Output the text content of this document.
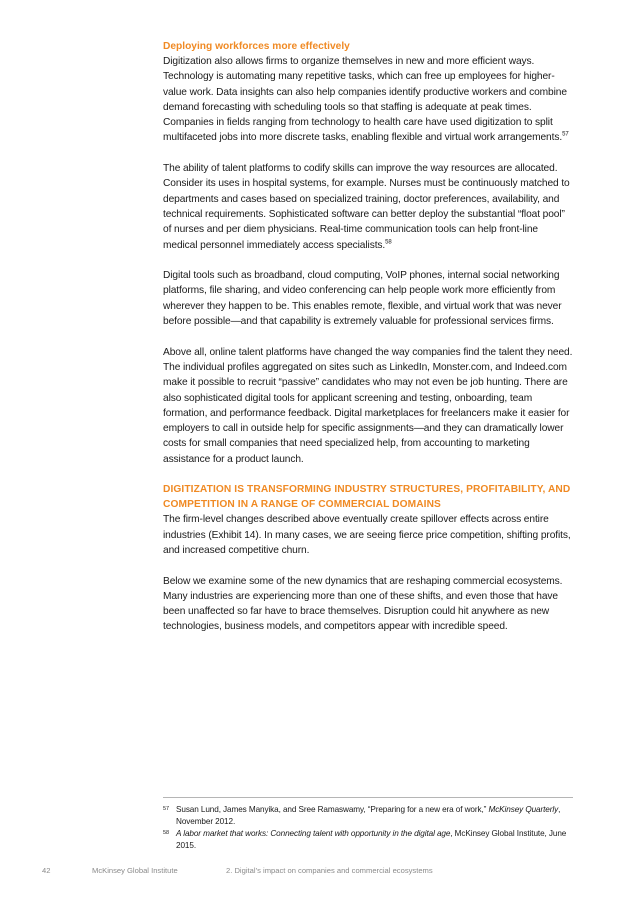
Deploying workforces more effectively

Digitization also allows firms to organize themselves in new and more efficient ways. Technology is automating many repetitive tasks, which can free up employees for higher-value work. Data insights can also help companies identify productive workers and combine demand forecasting with scheduling tools so that staffing is adequate at peak times. Companies in fields ranging from technology to health care have used digitization to split multifaceted jobs into more discrete tasks, enabling flexible and virtual work arrangements.$^{57}$

The ability of talent platforms to codify skills can improve the way resources are allocated. Consider its uses in hospital systems, for example. Nurses must be continuously matched to departments and cases based on specialized training, doctor preferences, availability, and technical requirements. Sophisticated software can better deploy the substantial “float pool” of nurses and per diem physicians. Real-time communication tools can help front-line medical personnel immediately access specialists.$^{58}$

Digital tools such as broadband, cloud computing, VoIP phones, internal social networking platforms, file sharing, and video conferencing can help people work more efficiently from wherever they happen to be. This enables remote, flexible, and virtual work that was never before possible—and that capability is extremely valuable for professional services firms.

Above all, online talent platforms have changed the way companies find the talent they need. The individual profiles aggregated on sites such as LinkedIn, Monster.com, and Indeed.com make it possible to recruit “passive” candidates who may not even be job hunting. There are also sophisticated digital tools for applicant screening and testing, onboarding, team formation, and performance feedback. Digital marketplaces for freelancers make it easier for employers to call in outside help for specific assignments—and they can dramatically lower costs for small companies that need specialized help, from accounting to marketing assistance for a product launch.

DIGITIZATION IS TRANSFORMING INDUSTRY STRUCTURES, PROFITABILITY, AND COMPETITION IN A RANGE OF COMMERCIAL DOMAINS

The firm-level changes described above eventually create spillover effects across entire industries (Exhibit 14). In many cases, we are seeing fierce price competition, shifting profits, and increased competitive churn.

Below we examine some of the new dynamics that are reshaping commercial ecosystems. Many industries are experiencing more than one of these shifts, and even those that have been unaffected so far have to brace themselves. Disruption could hit anywhere as new technologies, business models, and competitors appear with incredible speed.

57 Susan Lund, James Manyika, and Sree Ramaswamy, “Preparing for a new era of work,” McKinsey Quarterly, November 2012.
58 A labor market that works: Connecting talent with opportunity in the digital age, McKinsey Global Institute, June 2015.
42	McKinsey Global Institute	2. Digital’s impact on companies and commercial ecosystems
